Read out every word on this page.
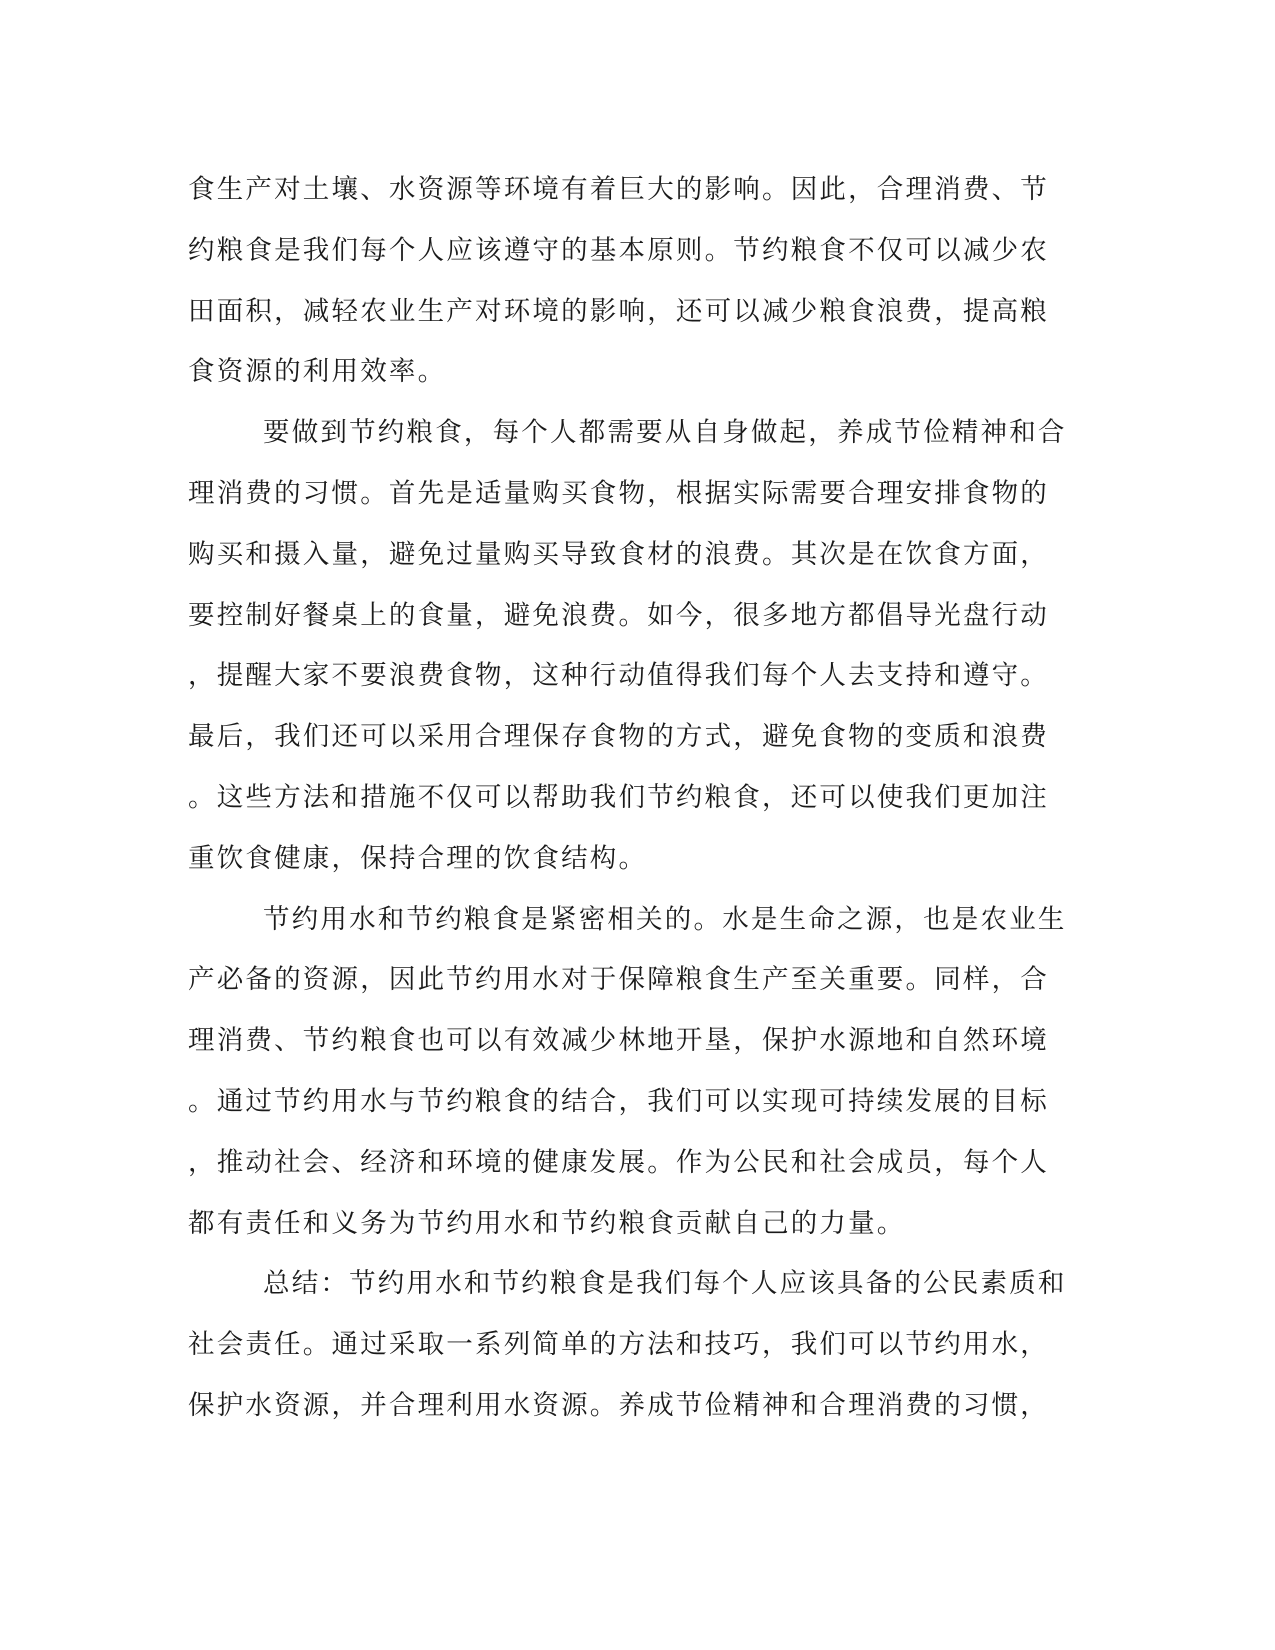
食生产对土壤、水资源等环境有着巨大的影响。因此，合理消费、节
约粮食是我们每个人应该遵守的基本原则。节约粮食不仅可以减少农
田面积，减轻农业生产对环境的影响，还可以减少粮食浪费，提高粮
食资源的利用效率。
要做到节约粮食，每个人都需要从自身做起，养成节俭精神和合
理消费的习惯。首先是适量购买食物，根据实际需要合理安排食物的
购买和摄入量，避免过量购买导致食材的浪费。其次是在饮食方面，
要控制好餐桌上的食量，避免浪费。如今，很多地方都倡导光盘行动
，提醒大家不要浪费食物，这种行动值得我们每个人去支持和遵守。
最后，我们还可以采用合理保存食物的方式，避免食物的变质和浪费
。这些方法和措施不仅可以帮助我们节约粮食，还可以使我们更加注
重饮食健康，保持合理的饮食结构。
节约用水和节约粮食是紧密相关的。水是生命之源，也是农业生
产必备的资源，因此节约用水对于保障粮食生产至关重要。同样，合
理消费、节约粮食也可以有效减少林地开垦，保护水源地和自然环境
。通过节约用水与节约粮食的结合，我们可以实现可持续发展的目标
，推动社会、经济和环境的健康发展。作为公民和社会成员，每个人
都有责任和义务为节约用水和节约粮食贡献自己的力量。
总结：节约用水和节约粮食是我们每个人应该具备的公民素质和
社会责任。通过采取一系列简单的方法和技巧，我们可以节约用水，
保护水资源，并合理利用水资源。养成节俭精神和合理消费的习惯，
